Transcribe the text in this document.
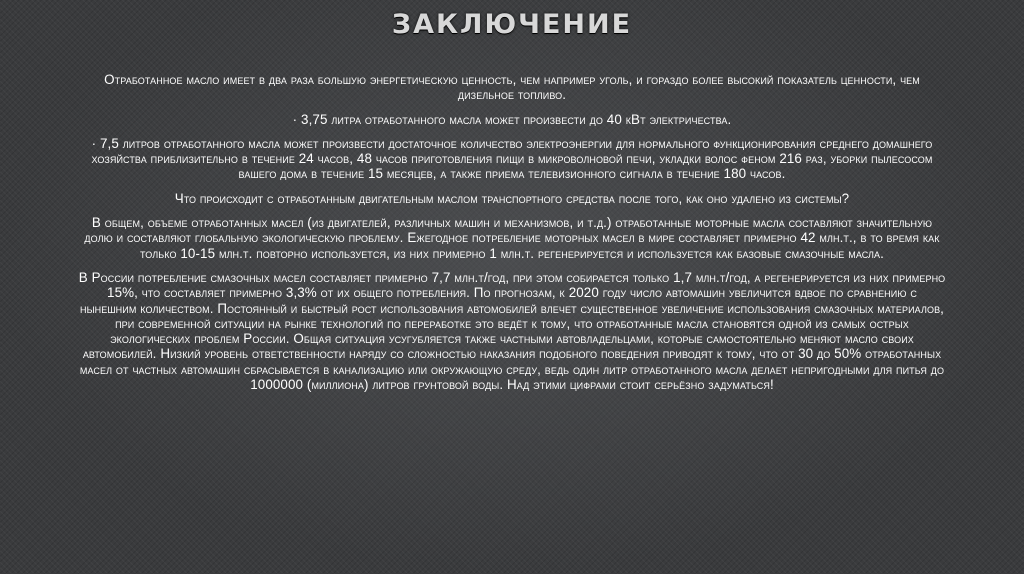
ЗАКЛЮЧЕНИЕ

Отработанное масло имеет в два раза большую энергетическую ценность, чем например уголь, и гораздо более высокий показатель ценности, чем дизельное топливо.

· 3,75 литра отработанного масла может произвести до 40 кВт электричества.

· 7,5 литров отработанного масла может произвести достаточное количество электроэнергии для нормального функционирования среднего домашнего хозяйства приблизительно в течение 24 часов, 48 часов приготовления пищи в микроволновой печи, укладки волос феном 216 раз, уборки пылесосом вашего дома в течение 15 месяцев, а также приема телевизионного сигнала в течение 180 часов.

Что происходит с отработанным двигательным маслом транспортного средства после того, как оно удалено из системы?

В общем, объеме отработанных масел (из двигателей, различных машин и механизмов, и т.д.) отработанные моторные масла составляют значительную долю и составляют глобальную экологическую проблему. Ежегодное потребление моторных масел в мире составляет примерно 42 млн.т., в то время как только 10-15 млн.т. повторно используется, из них примерно 1 млн.т. регенерируется и используется как базовые смазочные масла.

В России потребление смазочных масел составляет примерно 7,7 млн.т/год, при этом собирается только 1,7 млн.т/год, а регенерируется из них примерно 15%, что составляет примерно 3,3% от их общего потребления. По прогнозам, к 2020 году число автомашин увеличится вдвое по сравнению с нынешним количеством. Постоянный и быстрый рост использования автомобилей влечет существенное увеличение использования смазочных материалов, при современной ситуации на рынке технологий по переработке это ведёт к тому, что отработанные масла становятся одной из самых острых экологических проблем России. Общая ситуация усугубляется также частными автовладельцами, которые самостоятельно меняют масло своих автомобилей. Низкий уровень ответственности наряду со сложностью наказания подобного поведения приводят к тому, что от 30 до 50% отработанных масел от частных автомашин сбрасывается в канализацию или окружающую среду, ведь один литр отработанного масла делает непригодными для питья до 1000000 (миллиона) литров грунтовой воды. Над этими цифрами стоит серьёзно задуматься!
